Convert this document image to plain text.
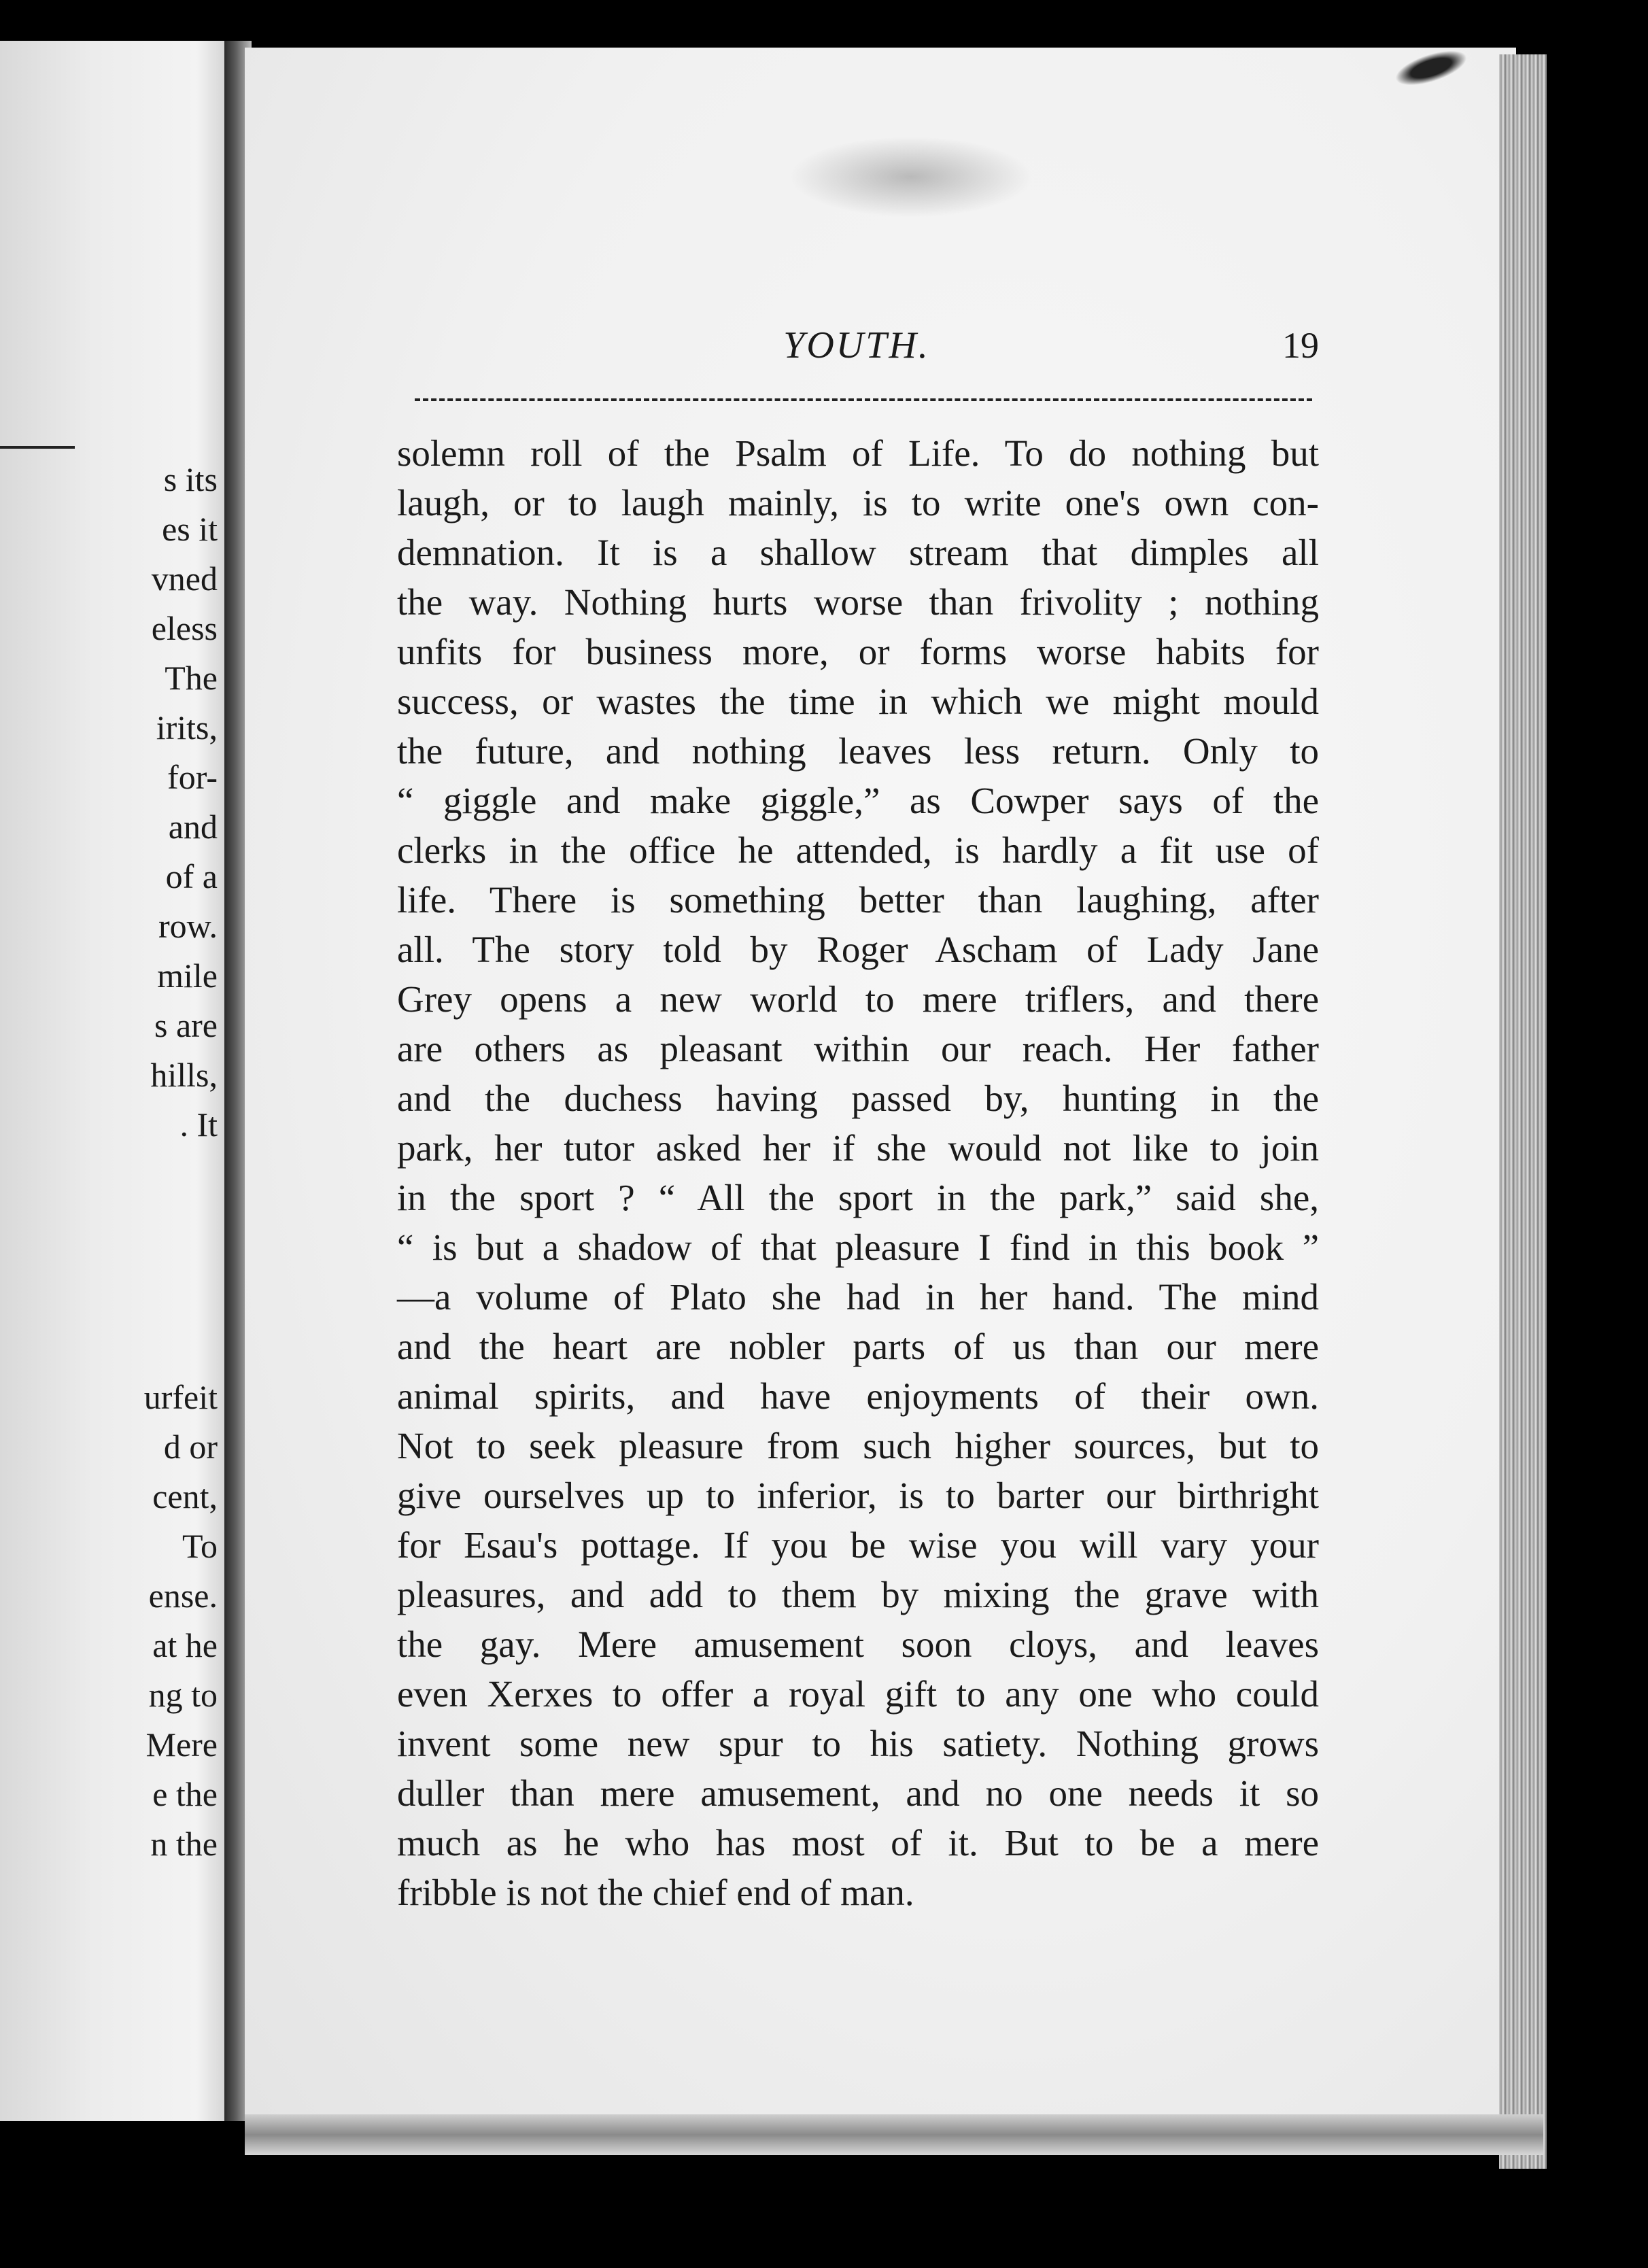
s its
es it
vned
eless
The
irits,
for-
and
of a
row.
mile
s are
hills,
. It
urfeit
d or
cent,
To
ense.
at he
ng to
Mere
e the
n the
YOUTH.	19
solemn roll of the Psalm of Life. To do nothing but
laugh, or to laugh mainly, is to write one's own con-
demnation. It is a shallow stream that dimples all
the way. Nothing hurts worse than frivolity ; nothing
unfits for business more, or forms worse habits for
success, or wastes the time in which we might mould
the future, and nothing leaves less return. Only to
“ giggle and make giggle,” as Cowper says of the
clerks in the office he attended, is hardly a fit use of
life. There is something better than laughing, after
all. The story told by Roger Ascham of Lady Jane
Grey opens a new world to mere triflers, and there
are others as pleasant within our reach. Her father
and the duchess having passed by, hunting in the
park, her tutor asked her if she would not like to join
in the sport ? “ All the sport in the park,” said she,
“ is but a shadow of that pleasure I find in this book ”
—a volume of Plato she had in her hand. The mind
and the heart are nobler parts of us than our mere
animal spirits, and have enjoyments of their own.
Not to seek pleasure from such higher sources, but to
give ourselves up to inferior, is to barter our birthright
for Esau's pottage. If you be wise you will vary your
pleasures, and add to them by mixing the grave with
the gay. Mere amusement soon cloys, and leaves
even Xerxes to offer a royal gift to any one who could
invent some new spur to his satiety. Nothing grows
duller than mere amusement, and no one needs it so
much as he who has most of it. But to be a mere
fribble is not the chief end of man.
